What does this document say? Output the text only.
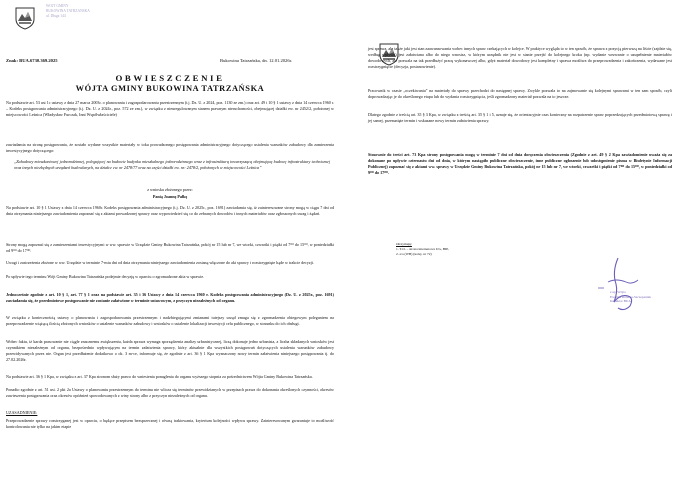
WÓJT GMINY
BUKOWINA TATRZAŃSKA
ul. Długa 144
Znak: BUA.6730.369.2025	Bukowina Tatrzańska, dn. 12.01.2026r.
OBWIESZCZENIE
WÓJTA GMINY BUKOWINA TATRZAŃSKA
Na podstawie art. 53 ust 1c ustawy z dnia 27 marca 2003r. o planowaniu i zagospodarowaniu przestrzennym (t.j. Dz. U. z 2024, poz. 1130 ze zm.) oraz art. 49 i 10 § 1 ustawy z dnia 14 czerwca 1960 r. – Kodeks postępowania administracyjnego (t.j. Dz. U. z 2024r., poz. 572 ze zm.), w związku z nieuregulowanym stanem prawnym nieruchomości, obejmującej działki ew. nr 2452/2, położonej w miejscowości Leśnica (Władysław Furczak, Inni Współwłaściciele)
zawiadamia na stronę postępowania, że zostało wydane wszystkie materiały w toku prowadzonego postępowania administracyjnego dotyczącego ustalenia warunków zabudowy dla zamierzenia inwestycyjnego dotyczącego:
„Zabudowy mieszkaniowej jednorodzinnej, polegającej na budowie budynku mieszkalnego jednorodzinnego wraz z infrastrukturą towarzyszącą obejmującą budowę infrastruktury technicznej oraz innych niezbędnych urządzeń budowlanych, na działce ew. nr 2478/77 oraz na części działki ew. nr: 2478/2, położonych w miejscowości Leśnica”
z wniosku złożonego przez:
Panią Joannę Pałkę
Na podstawie art. 10 § 1 Ustawy z dnia 14 czerwca 1960r. Kodeks postępowania administracyjnego (t.j. Dz. U. z 2025r., poz. 1691) zawiadamia się, iż zainteresowane strony mogą w ciągu 7 dni od dnia otrzymania niniejszego zawiadomienia zapoznać się z aktami prowadzonej sprawy oraz wypowiedzieć się co do zebranych dowodów i innych materiałów oraz zgłoszonych uwag i żądań.
Strony mogą zapoznać się z zamierzeniami inwestycyjnymi w ww. sprawie w Urzędzie Gminy Bukowina Tatrzańska, pokój nr 15 lub nr 7, we wtorki, czwartki i piątki od 7ᴼᴼ do 15ᴼᴼ, w poniedziałki od 9ᴼᴼ do 17ᴼᴼ.
Uwagi i zastrzeżenia złożone w ww. Urzędzie w terminie 7-miu dni od dnia otrzymania niniejszego zawiadomienia zostaną włączone do akt sprawy i rozstrzygnięte hąde w trakcie decyzji.
Po upływie tego terminu Wójt Gminy Bukowina Tatrzańska podejmie decyzję w oparciu o zgromadzone akta w sprawie.
Jednocześnie zgodnie z art. 10 § 1, art. 77 § 1 oraz na podstawie art. 35 i 36 Ustawy z dnia 14 czerwca 1960 r. Kodeks postępowania administracyjnego (Dz. U. z 2025r., poz. 1691) zawiadamia się, że przedmiotowe postępowanie nie zostanie załatwione w terminie ustawowym, z przyczyn niezależnych od organu.
W związku z koniecznością ustawy o planowaniu i zagospodarowaniu przestrzennym i nadzbiegającymi zmianami tutejszy urząd zmuga się z zgromadzenia obiegowym poleganiem na przeprowadzenie wiążącą ilością złożonych wniosków o ustalenie warunków zabudowy i wniosków o ustalenie lokalizacji inwestycji celu publicznego, w stosunku do ich obsługi.
Wobec faktu, iż karda prasowanie nie ciągle znacznemu zwiększeniu, każda sprawa wymaga sporządzenia analizy urbanistycznej, liczą dokonuje jedno urbanista, a liczba składanych wniosków jest czynnikiem niezależnym od organu, bezpośrednio wpływającym na termin załatwienia sprawy, który aktualnie dla wszystkich postępowań dotyczących ustalenia warunków zabudowy przewidywanych przez nie. Organ jest przedłużenie dodatkowo o ok. 3 m-ce, informuje się, że zgodnie z art. 36 § 1 Kpa wyznaczony nowy termin załatwienia niniejszego postępowania tj. do 27.02.2026r.
Na podstawie art. 36 § 1 Kpa, w związku z art. 37 Kpa stronom służy prawo do wniesienia ponaglenia do organu wyższego stopnia za pośrednictwem Wójta Gminy Bukowina Tatrzańska.
Ponadto zgodnie z art. 51 ust. 2 pkt 2a Ustawy o planowaniu przestrzennym do terminu nie wlicza się terminów przewidzianych w przepisach prawa do dokonania określonych czynności, okresów zawieszenia postępowania oraz okresów opóźnień spowodowanych z winy strony albo z przyczyn niezależnych od organu.
UZASADNIENIE:
Przeprowadzenie sprawy rozstrzyganej jest w oparciu, o będące przepisem bezsprzecznej i równą traktowania, kryterium kolejności wpływu sprawy. Zainteresowanym gwarantuje to możliwość kontrolowania nie tylko na jakim etapie
jest sprawa, ale także jaki jest stan zaawansowania wobec innych spraw czekających w kolejce. W praktyce wygląda to w ten sposób, że sprawa z pozycją pierwszą na liście (zajdzie się, według wpływu) jest załatwiana albo do niego wnosisz, w którym urzędnik nie jest w stanie przejść do kolejnego kroku (np. wydanie wezwanie o uzupełnienie materiałów dowodowych, ale pozwala na tak przedłużyć pracę wykonawczej albo, gdyż materiał dowodowy jest kompletny i sprawa możliwa do przeprowadzenia i zakończenia, wydawane jest rozstrzygnięcie (decyzja, postanowienie).
Pracownik w czasie „oczekiwania” na materiały do sprawy przechodzi do następnej sprawy. Zwykle pozwala to na zajmowanie się kolejnymi sprawami w ten sam sposób, czyli doprowadzając je do określonego etapu lub do wydania rozstrzygnięcia, jeśli zgromadzony materiał pozwala na to jeszcze.
Dlatego zgodnie z treścią art. 35 § 3 Kpa, w związku z treścią art. 35 § 1 i 5, uznaje się, że orientacyjnie czas konieczny na rozpatrzenie spraw poprzedzających przedmiotową sprawę i jej samej, przesunięte termin i wskazane nowy termin załatwienia sprawy.
Stosownie do treści art. 73 Kpa strony postępowania mogą w terminie 7 dni od dnia doręczenia obwieszczenia (Zgodnie z art. 49 § 2 Kpa zawiadomienie uważa się za dokonane po upływie czternastu dni od dnia, w którym nastąpiło publiczne obwieszczenie, inne publiczne ogłoszenie lub udostępnienie pisma w Biuletynie Informacji Publicznej) zapoznać się z aktami ww. sprawy w Urzędzie Gminy Bukowina Tatrzańska, pokój nr 15 lub nr 7, we wtorki, czwartki i piątki od 7ᴼᴼ do 15ᴼᴼ, w poniedziałki od 9ᴼᴼ do 17ᴼᴼ.
Otrzymują:
1. T.O. – strona internetowa UG, BIP,
2. a/a (WB) (kolej. nr 72)
z up. Wójta
Ewelina Koterba-Szczepaniak
Inspektor BUA
